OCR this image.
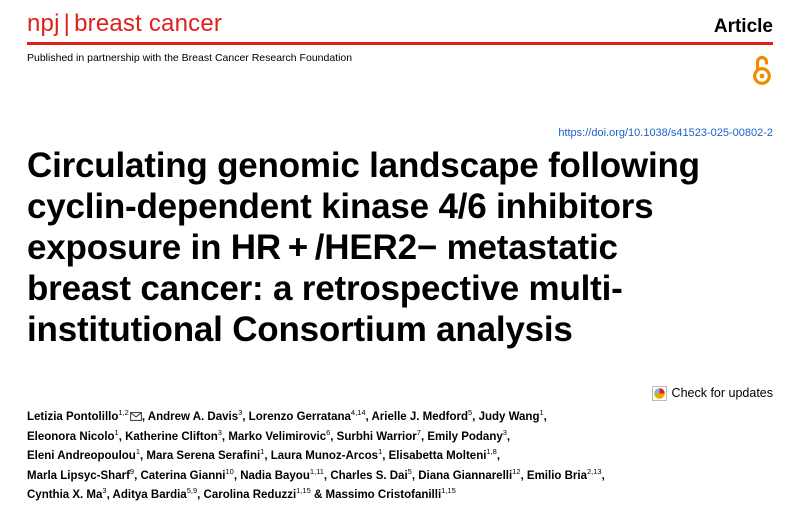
npj | breast cancer	Article
Published in partnership with the Breast Cancer Research Foundation
https://doi.org/10.1038/s41523-025-00802-2
Circulating genomic landscape following
cyclin-dependent kinase 4/6 inhibitors
exposure in HR + /HER2− metastatic
breast cancer: a retrospective multi-
institutional Consortium analysis
Check for updates
Letizia Pontolillo$^{1,2}$ , Andrew A. Davis$^3$, Lorenzo Gerratana$^{4,14}$, Arielle J. Medford$^5$, Judy Wang$^1$,
Eleonora Nicolo$^1$, Katherine Clifton$^3$, Marko Velimirovic$^6$, Surbhi Warrior$^7$, Emily Podany$^3$,
Eleni Andreopoulou$^1$, Mara Serena Serafini$^1$, Laura Munoz-Arcos$^1$, Elisabetta Molteni$^{1,8}$,
Marla Lipsyc-Sharf$^9$, Caterina Gianni$^{10}$, Nadia Bayou$^{1,11}$, Charles S. Dai$^5$, Diana Giannarelli$^{12}$, Emilio Bria$^{2,13}$,
Cynthia X. Ma$^3$, Aditya Bardia$^{5,9}$, Carolina Reduzzi$^{1,15}$ & Massimo Cristofanilli$^{1,15}$
